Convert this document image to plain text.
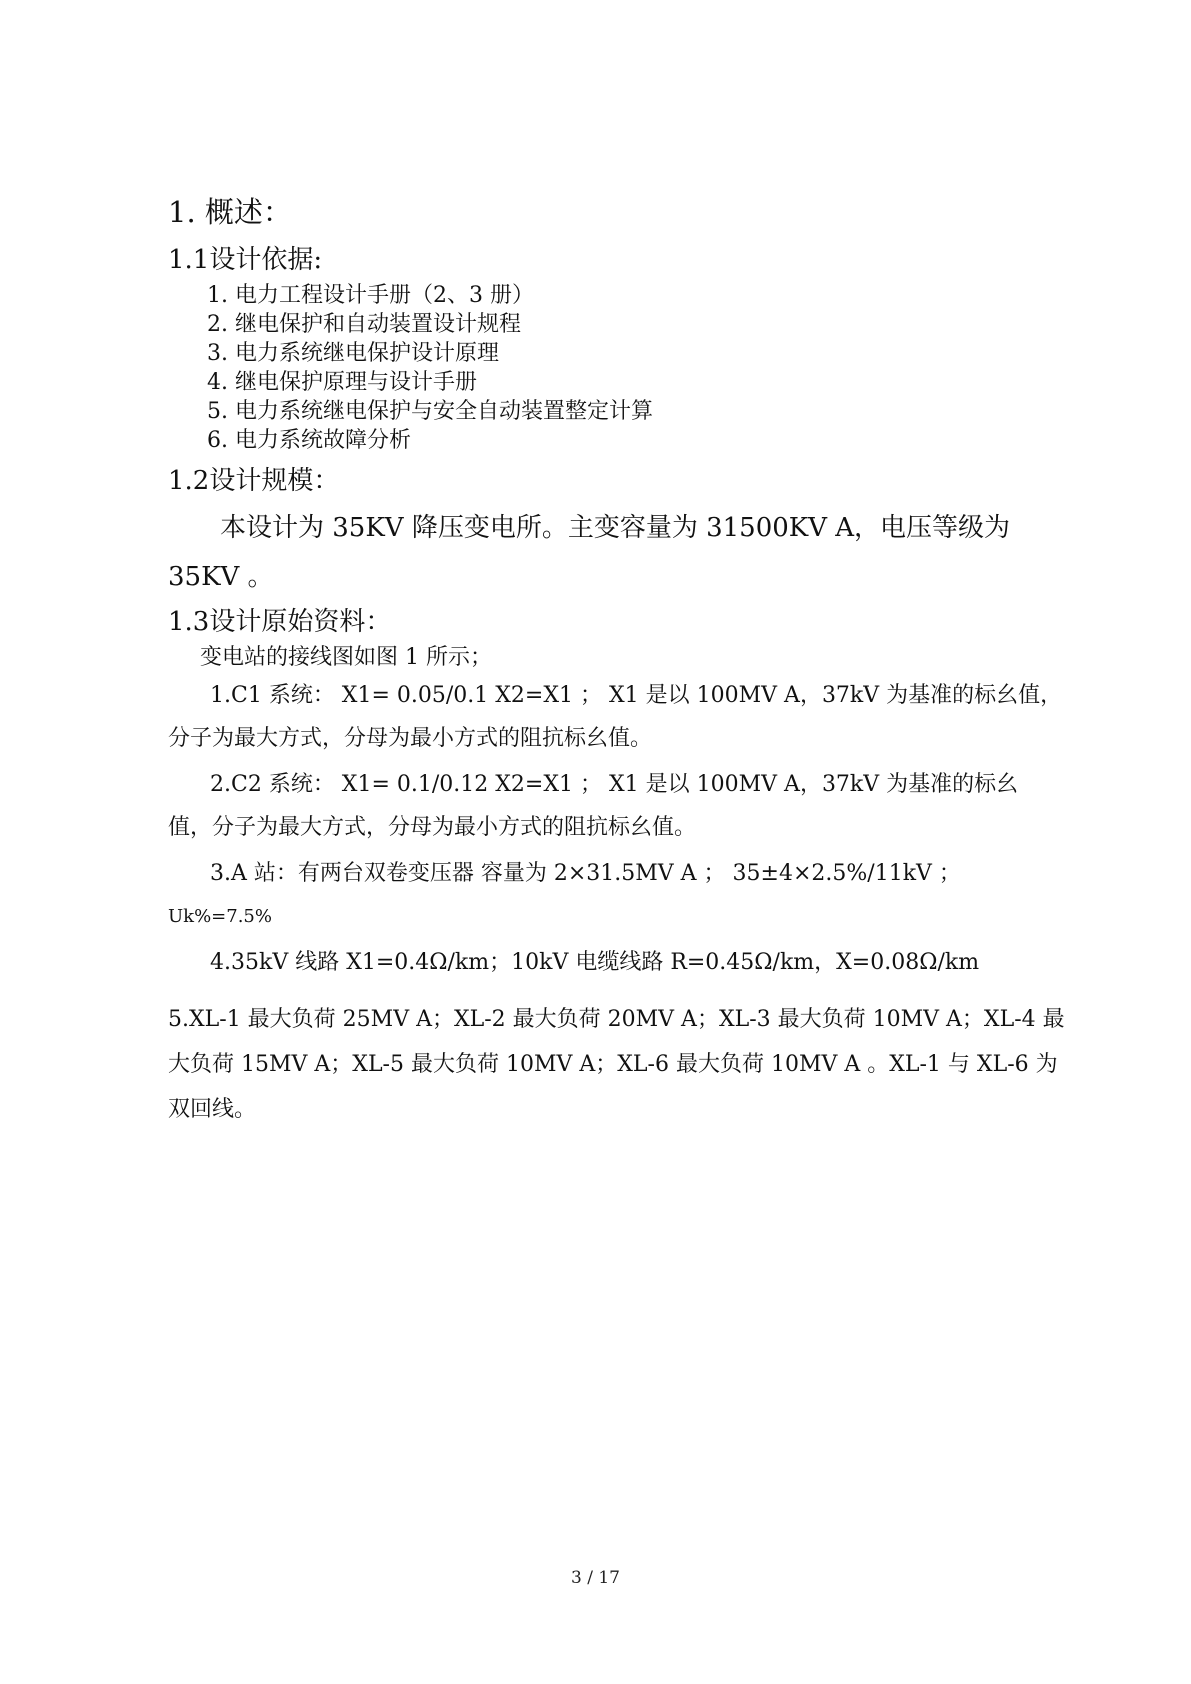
1. 概述：
1.1设计依据:
1. 电力工程设计手册（2、3 册）
2. 继电保护和自动装置设计规程
3. 电力系统继电保护设计原理
4. 继电保护原理与设计手册
5. 电力系统继电保护与安全自动装置整定计算
6. 电力系统故障分析
1.2设计规模：
本设计为 35KV 降压变电所。主变容量为 31500KV A，电压等级为
35KV 。
1.3设计原始资料：
变电站的接线图如图 1 所示；
1.C1 系统： X1= 0.05/0.1 X2=X1 ； X1 是以 100MV A，37kV 为基准的标幺值，
分子为最大方式，分母为最小方式的阻抗标幺值。
2.C2 系统： X1= 0.1/0.12 X2=X1 ； X1 是以 100MV A，37kV 为基准的标幺
值，分子为最大方式，分母为最小方式的阻抗标幺值。
3.A 站：有两台双卷变压器 容量为 2×31.5MV A ； 35±4×2.5%/11kV ；
Uk%=7.5%
4.35kV 线路 X1=0.4Ω/km；10kV 电缆线路 R=0.45Ω/km，X=0.08Ω/km
5.XL-1 最大负荷 25MV A；XL-2 最大负荷 20MV A；XL-3 最大负荷 10MV A；XL-4 最
大负荷 15MV A；XL-5 最大负荷 10MV A；XL-6 最大负荷 10MV A 。XL-1 与 XL-6 为
双回线。
3 / 17
